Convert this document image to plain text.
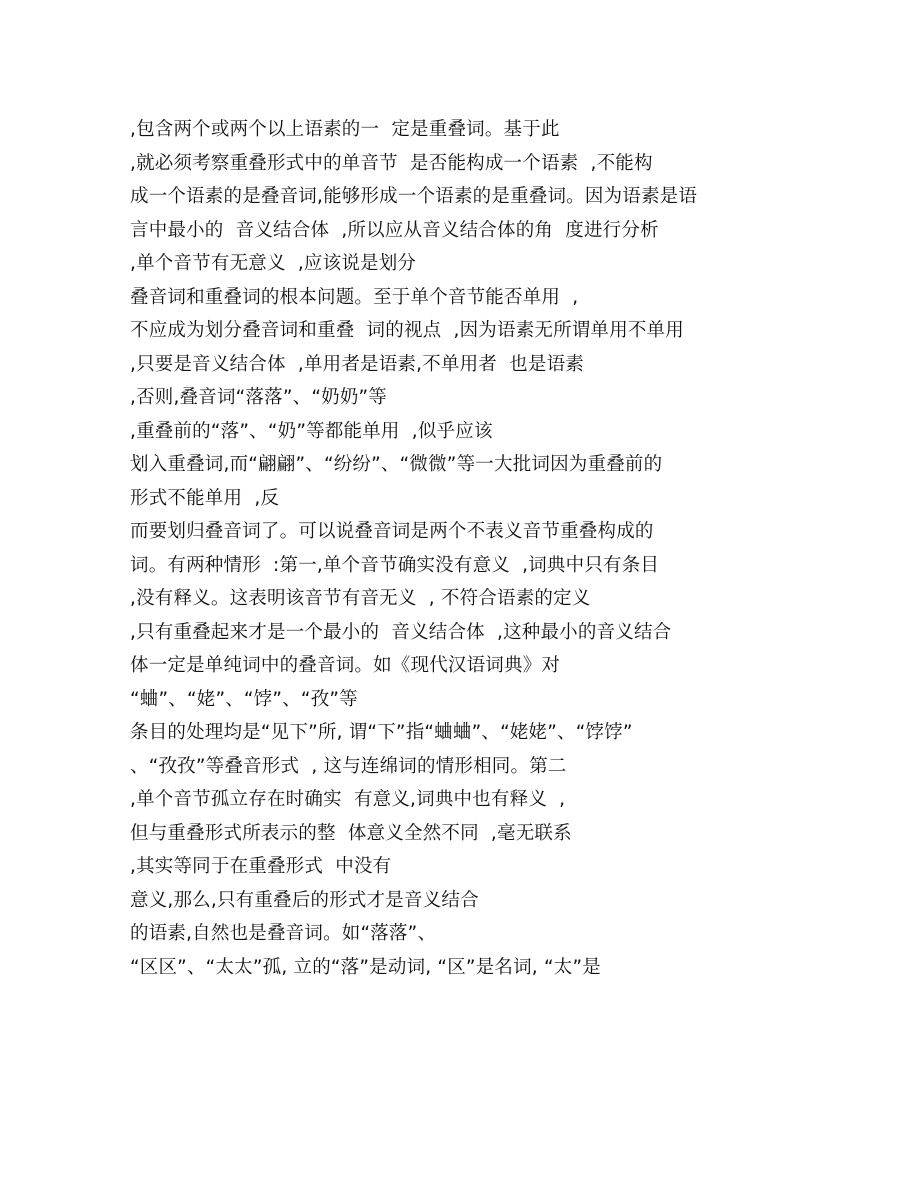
,包含两个或两个以上语素的一  定是重叠词。基于此
,就必须考察重叠形式中的单音节  是否能构成一个语素  ,不能构
成一个语素的是叠音词,能够形成一个语素的是重叠词。因为语素是语
言中最小的  音义结合体  ,所以应从音义结合体的角  度进行分析
,单个音节有无意义  ,应该说是划分
叠音词和重叠词的根本问题。至于单个音节能否单用  ,
不应成为划分叠音词和重叠  词的视点  ,因为语素无所谓单用不单用
,只要是音义结合体  ,单用者是语素,不单用者  也是语素
,否则,叠音词“落落”、“奶奶”等
,重叠前的“落”、“奶”等都能单用  ,似乎应该
划入重叠词,而“翩翩”、“纷纷”、“微微”等一大批词因为重叠前的
形式不能单用  ,反
而要划归叠音词了。可以说叠音词是两个不表义音节重叠构成的
词。有两种情形  :第一,单个音节确实没有意义  ,词典中只有条目
,没有释义。这表明该音节有音无义  , 不符合语素的定义
,只有重叠起来才是一个最小的  音义结合体  ,这种最小的音义结合
体一定是单纯词中的叠音词。如《现代汉语词典》对
“蛐”、“姥”、“饽”、“孜”等
条目的处理均是“见下”所, 谓“下”指“蛐蛐”、“姥姥”、“饽饽”
、“孜孜”等叠音形式  , 这与连绵词的情形相同。第二
,单个音节孤立存在时确实  有意义,词典中也有释义  ,
但与重叠形式所表示的整  体意义全然不同  ,毫无联系
,其实等同于在重叠形式  中没有
意义,那么,只有重叠后的形式才是音义结合
的语素,自然也是叠音词。如“落落”、
“区区”、“太太”孤, 立的“落”是动词, “区”是名词, “太”是
